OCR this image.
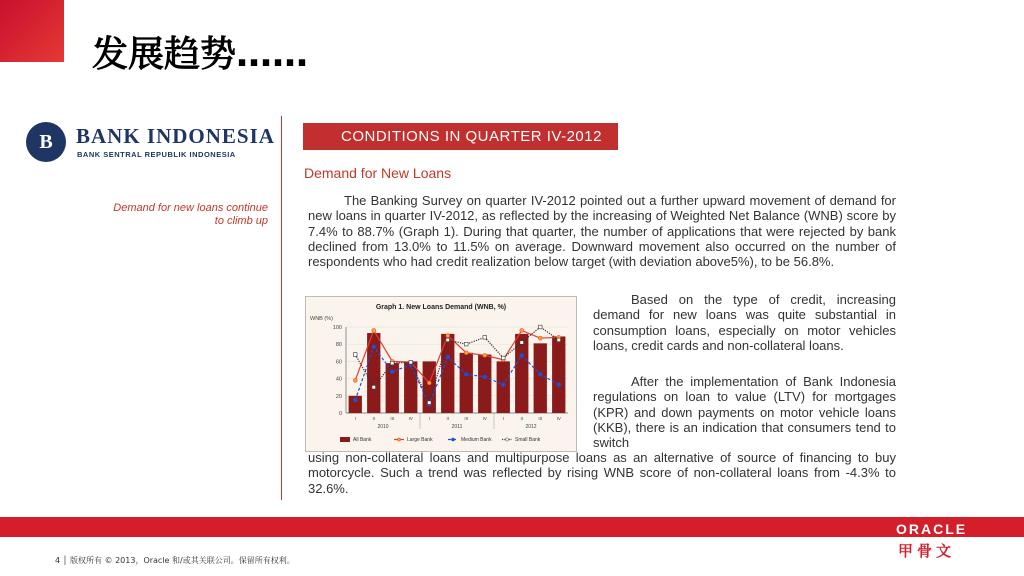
发展趋势……
B	BANK INDONESIA
BANK SENTRAL REPUBLIK INDONESIA
Demand for new loans continue to climb up
CONDITIONS IN QUARTER IV-2012
Demand for New Loans
The Banking Survey on quarter IV-2012 pointed out a further upward movement of demand for new loans in quarter IV-2012, as reflected by the increasing of Weighted Net Balance (WNB) score by 7.4% to 88.7% (Graph 1). During that quarter, the number of applications that were rejected by bank declined from 13.0% to 11.5% on average. Downward movement also occurred on the number of respondents who had credit realization below target (with deviation above5%), to be 56.8%.
Graph 1. New Loans Demand (WNB, %)
WNB (%)
0
20
40
60
80
100
I	II	III	IV	I	II	III	IV	I	II	III	IV
2010	2011	2012
All Bank	Large Bank	Medium Bank	Small Bank
Based on the type of credit, increasing demand for new loans was quite substantial in consumption loans, especially on motor vehicles loans, credit cards and non-collateral loans.
After the implementation of Bank Indonesia regulations on loan to value (LTV) for mortgages (KPR) and down payments on motor vehicle loans (KKB), there is an indication that consumers tend to switch
using non-collateral loans and multipurpose loans as an alternative of source of financing to buy motorcycle. Such a trend was reflected by rising WNB score of non-collateral loans from -4.3% to 32.6%.
ORACLE
甲骨文
4 │ 版权所有 © 2013，Oracle 和/或其关联公司。保留所有权利。
